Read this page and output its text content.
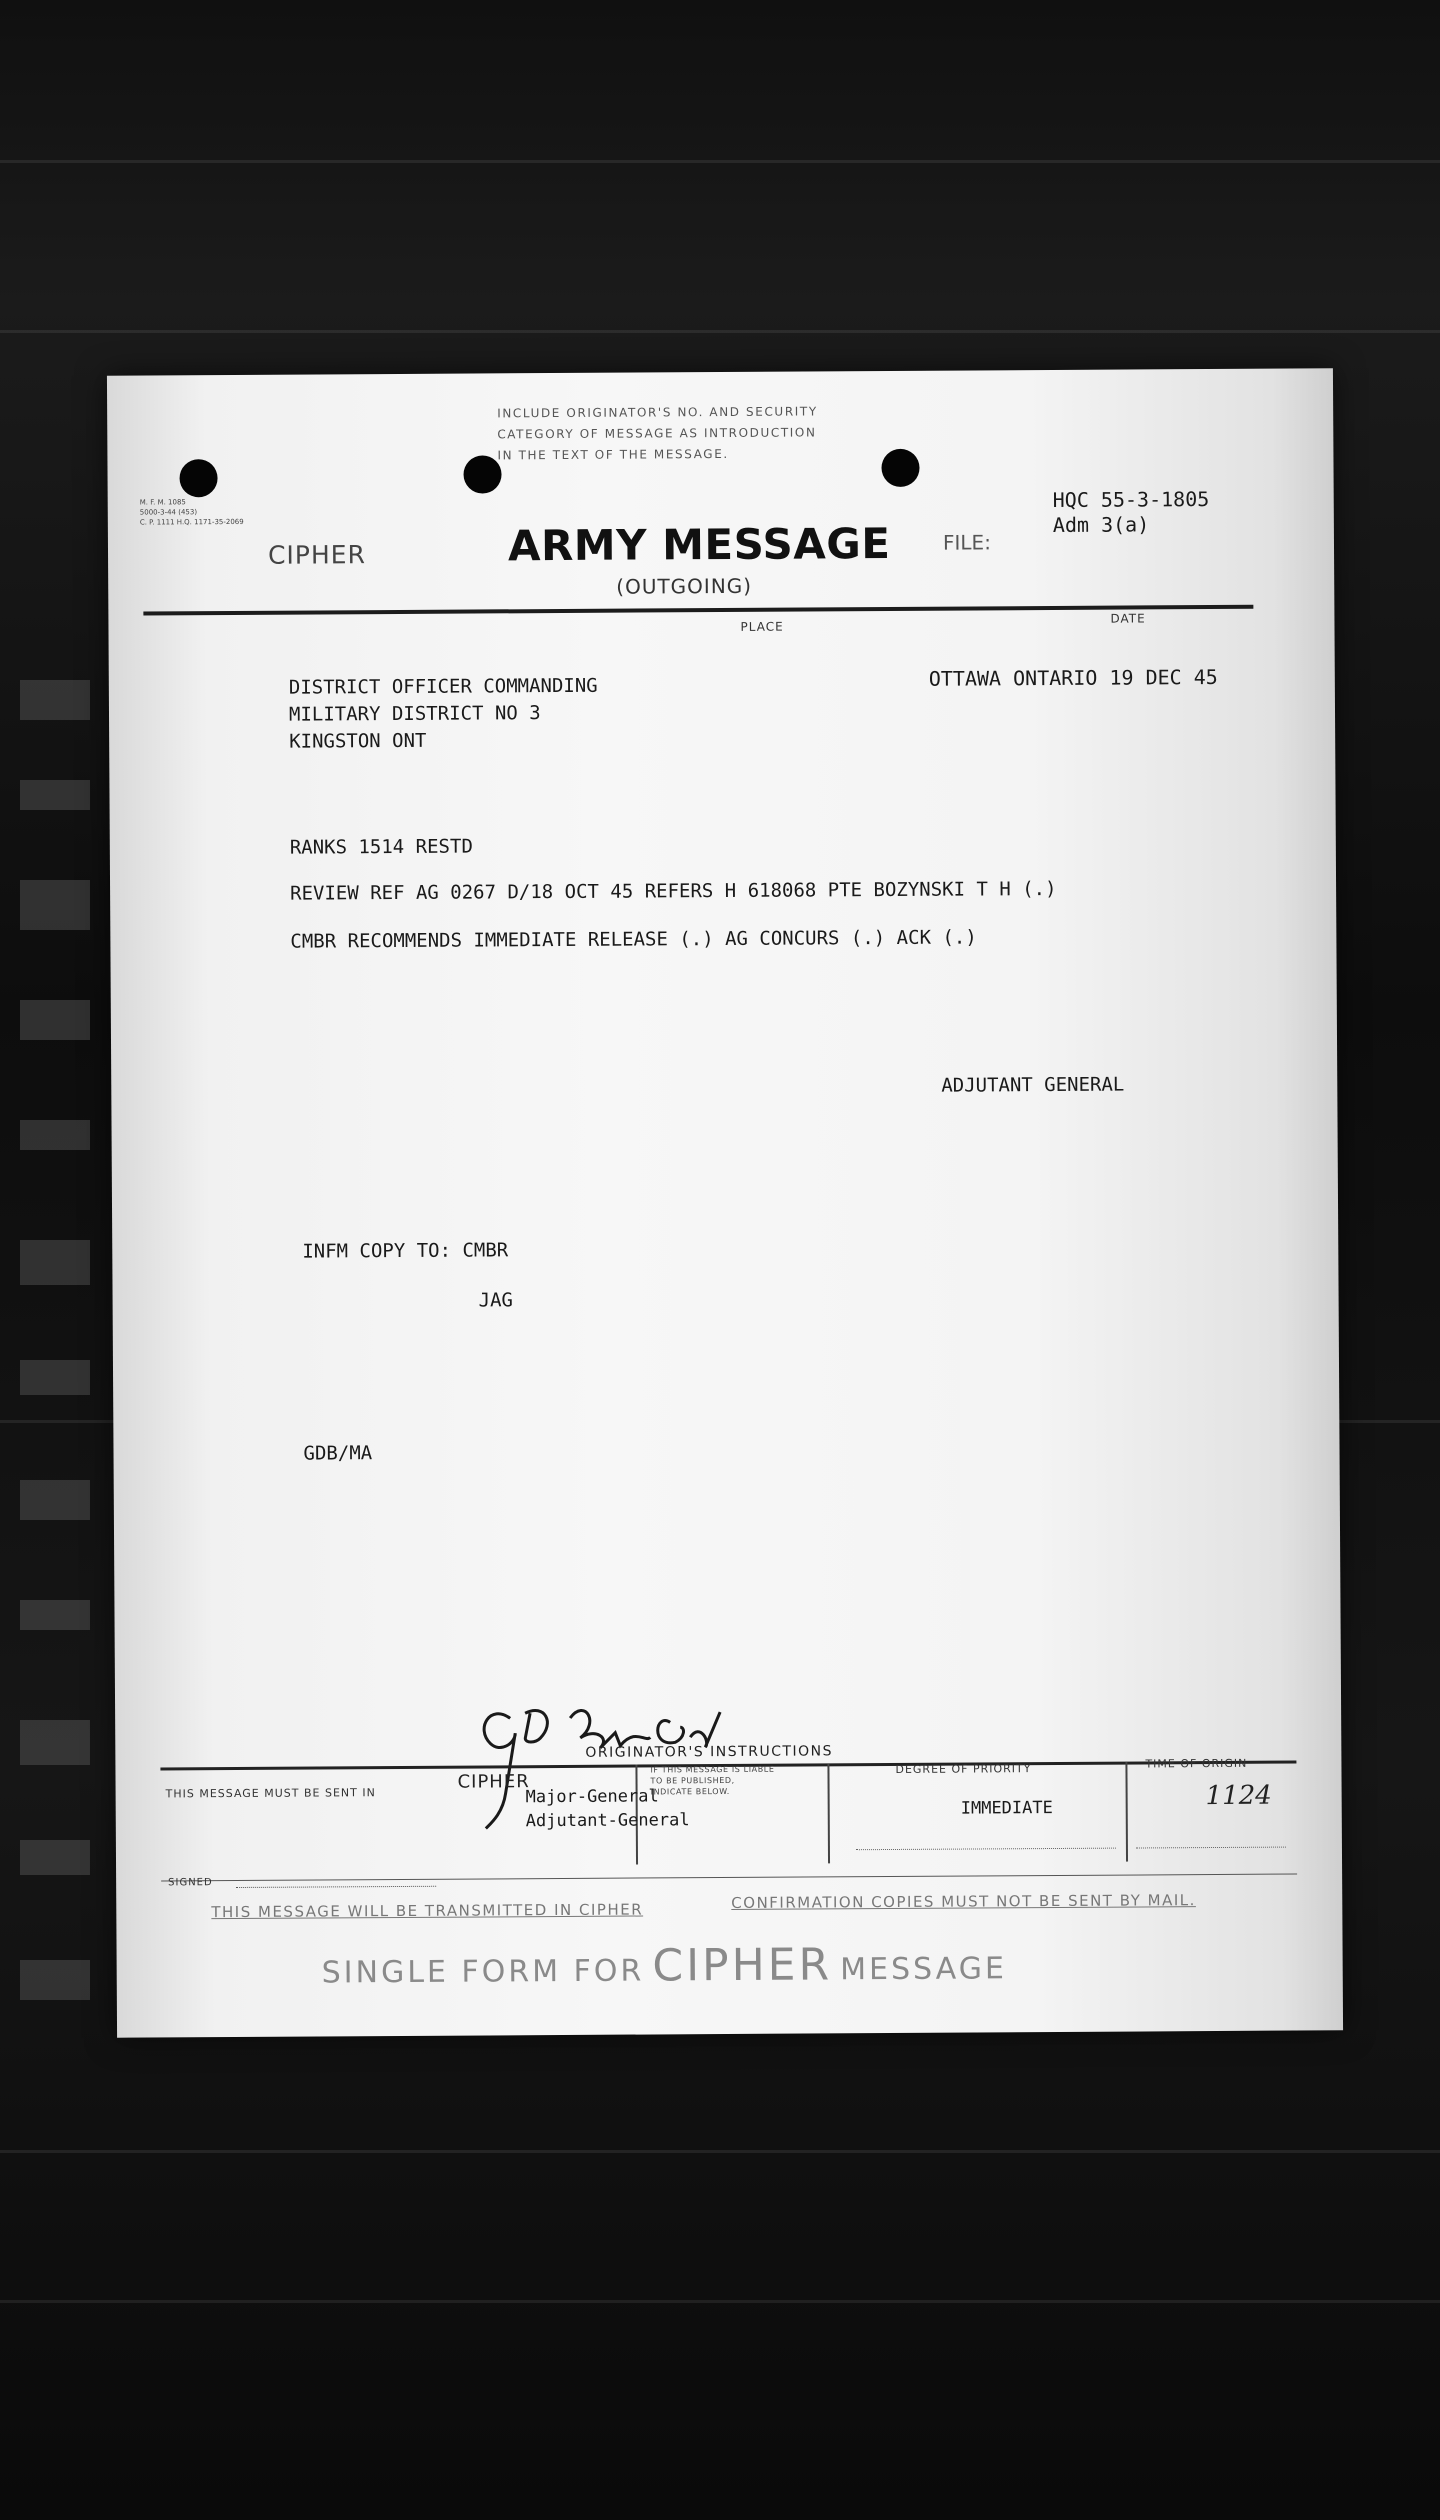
INCLUDE ORIGINATOR'S NO. AND SECURITY
CATEGORY OF MESSAGE AS INTRODUCTION
IN THE TEXT OF THE MESSAGE.
M. F. M. 1085
5000-3-44 (453)
C. P. 1111 H.Q. 1171-35-2069
CIPHER	ARMY MESSAGE
(OUTGOING)
FILE:
HQC 55-3-1805
Adm 3(a)
PLACE
DATE
DISTRICT OFFICER COMMANDING
MILITARY DISTRICT NO 3
KINGSTON ONT
OTTAWA ONTARIO 19 DEC 45
RANKS 1514 RESTD
REVIEW REF AG 0267 D/18 OCT 45 REFERS H 618068 PTE BOZYNSKI T H (.)
CMBR RECOMMENDS IMMEDIATE RELEASE (.) AG CONCURS (.) ACK (.)
ADJUTANT GENERAL
INFM COPY TO: CMBR
JAG
GDB/MA
ORIGINATOR'S INSTRUCTIONS
THIS MESSAGE MUST BE SENT IN
CIPHER
Major-General
Adjutant-General
IF THIS MESSAGE IS LIABLE
TO BE PUBLISHED,
INDICATE BELOW.
DEGREE OF PRIORITY
IMMEDIATE
TIME OF ORIGIN
1124
SIGNED
THIS MESSAGE WILL BE TRANSMITTED IN CIPHER	CONFIRMATION COPIES MUST NOT BE SENT BY MAIL.
SINGLE FORM FOR CIPHER MESSAGE
